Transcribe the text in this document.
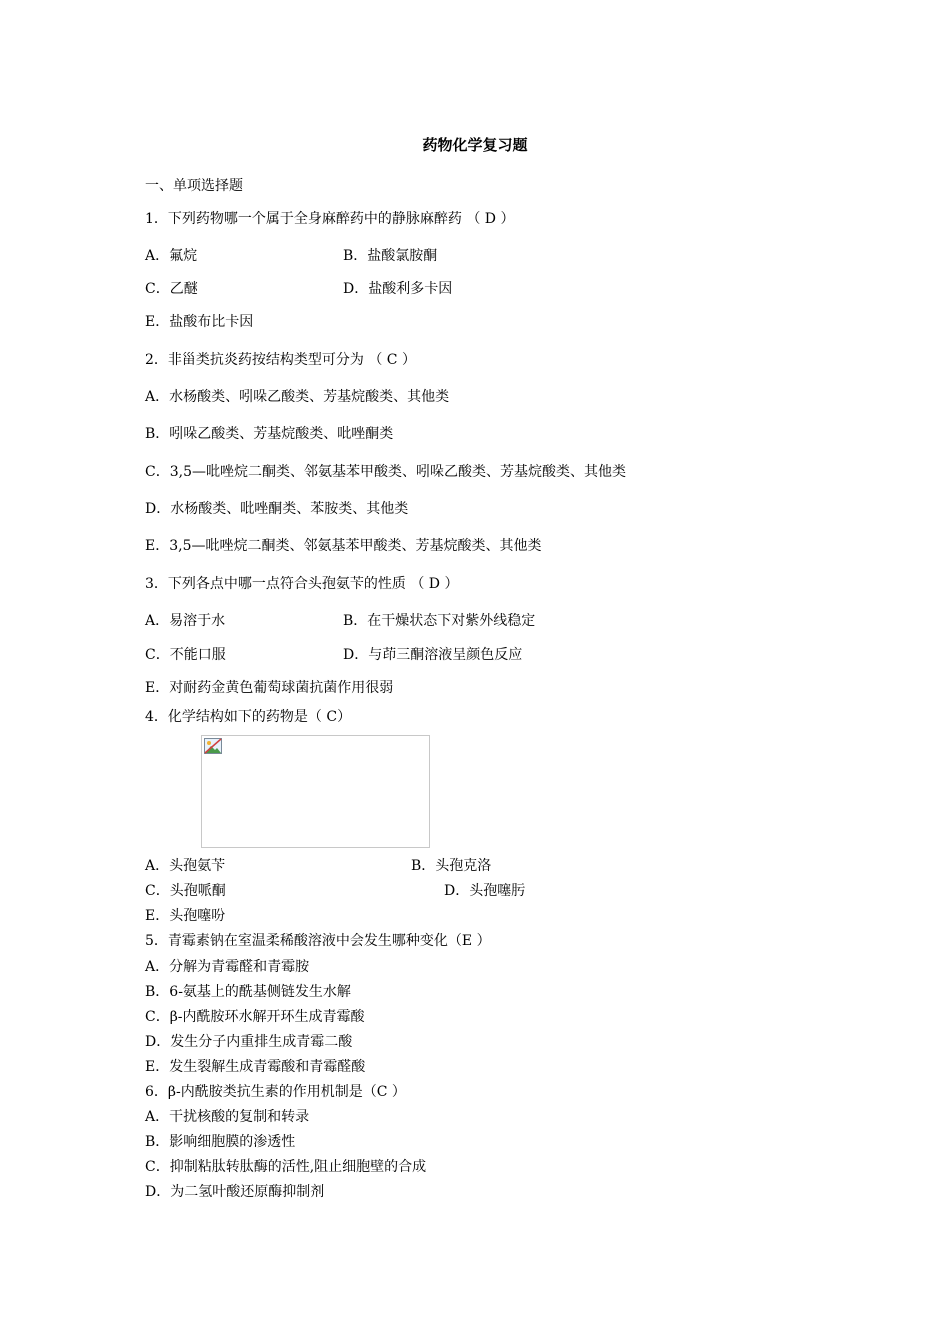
药物化学复习题
一、单项选择题
1．下列药物哪一个属于全身麻醉药中的静脉麻醉药 （ D ）
A．氟烷	B．盐酸氯胺酮
C．乙醚	D．盐酸利多卡因
E．盐酸布比卡因
2．非甾类抗炎药按结构类型可分为 （ C ）
A．水杨酸类、吲哚乙酸类、芳基烷酸类、其他类
B．吲哚乙酸类、芳基烷酸类、吡唑酮类
C．3,5—吡唑烷二酮类、邻氨基苯甲酸类、吲哚乙酸类、芳基烷酸类、其他类
D．水杨酸类、吡唑酮类、苯胺类、其他类
E．3,5—吡唑烷二酮类、邻氨基苯甲酸类、芳基烷酸类、其他类
3．下列各点中哪一点符合头孢氨苄的性质 （ D ）
A．易溶于水	B．在干燥状态下对紫外线稳定
C．不能口服	D．与茚三酮溶液呈颜色反应
E．对耐药金黄色葡萄球菌抗菌作用很弱
4．化学结构如下的药物是（ C）
A．头孢氨苄	B．头孢克洛
C．头孢哌酮	D．头孢噻肟
E．头孢噻吩
5．青霉素钠在室温柔稀酸溶液中会发生哪种变化（E ）
A．分解为青霉醛和青霉胺
B．6-氨基上的酰基侧链发生水解
C．β-内酰胺环水解开环生成青霉酸
D．发生分子内重排生成青霉二酸
E．发生裂解生成青霉酸和青霉醛酸
6．β-内酰胺类抗生素的作用机制是（C ）
A．干扰核酸的复制和转录
B．影响细胞膜的渗透性
C．抑制粘肽转肽酶的活性,阻止细胞壁的合成
D．为二氢叶酸还原酶抑制剂
